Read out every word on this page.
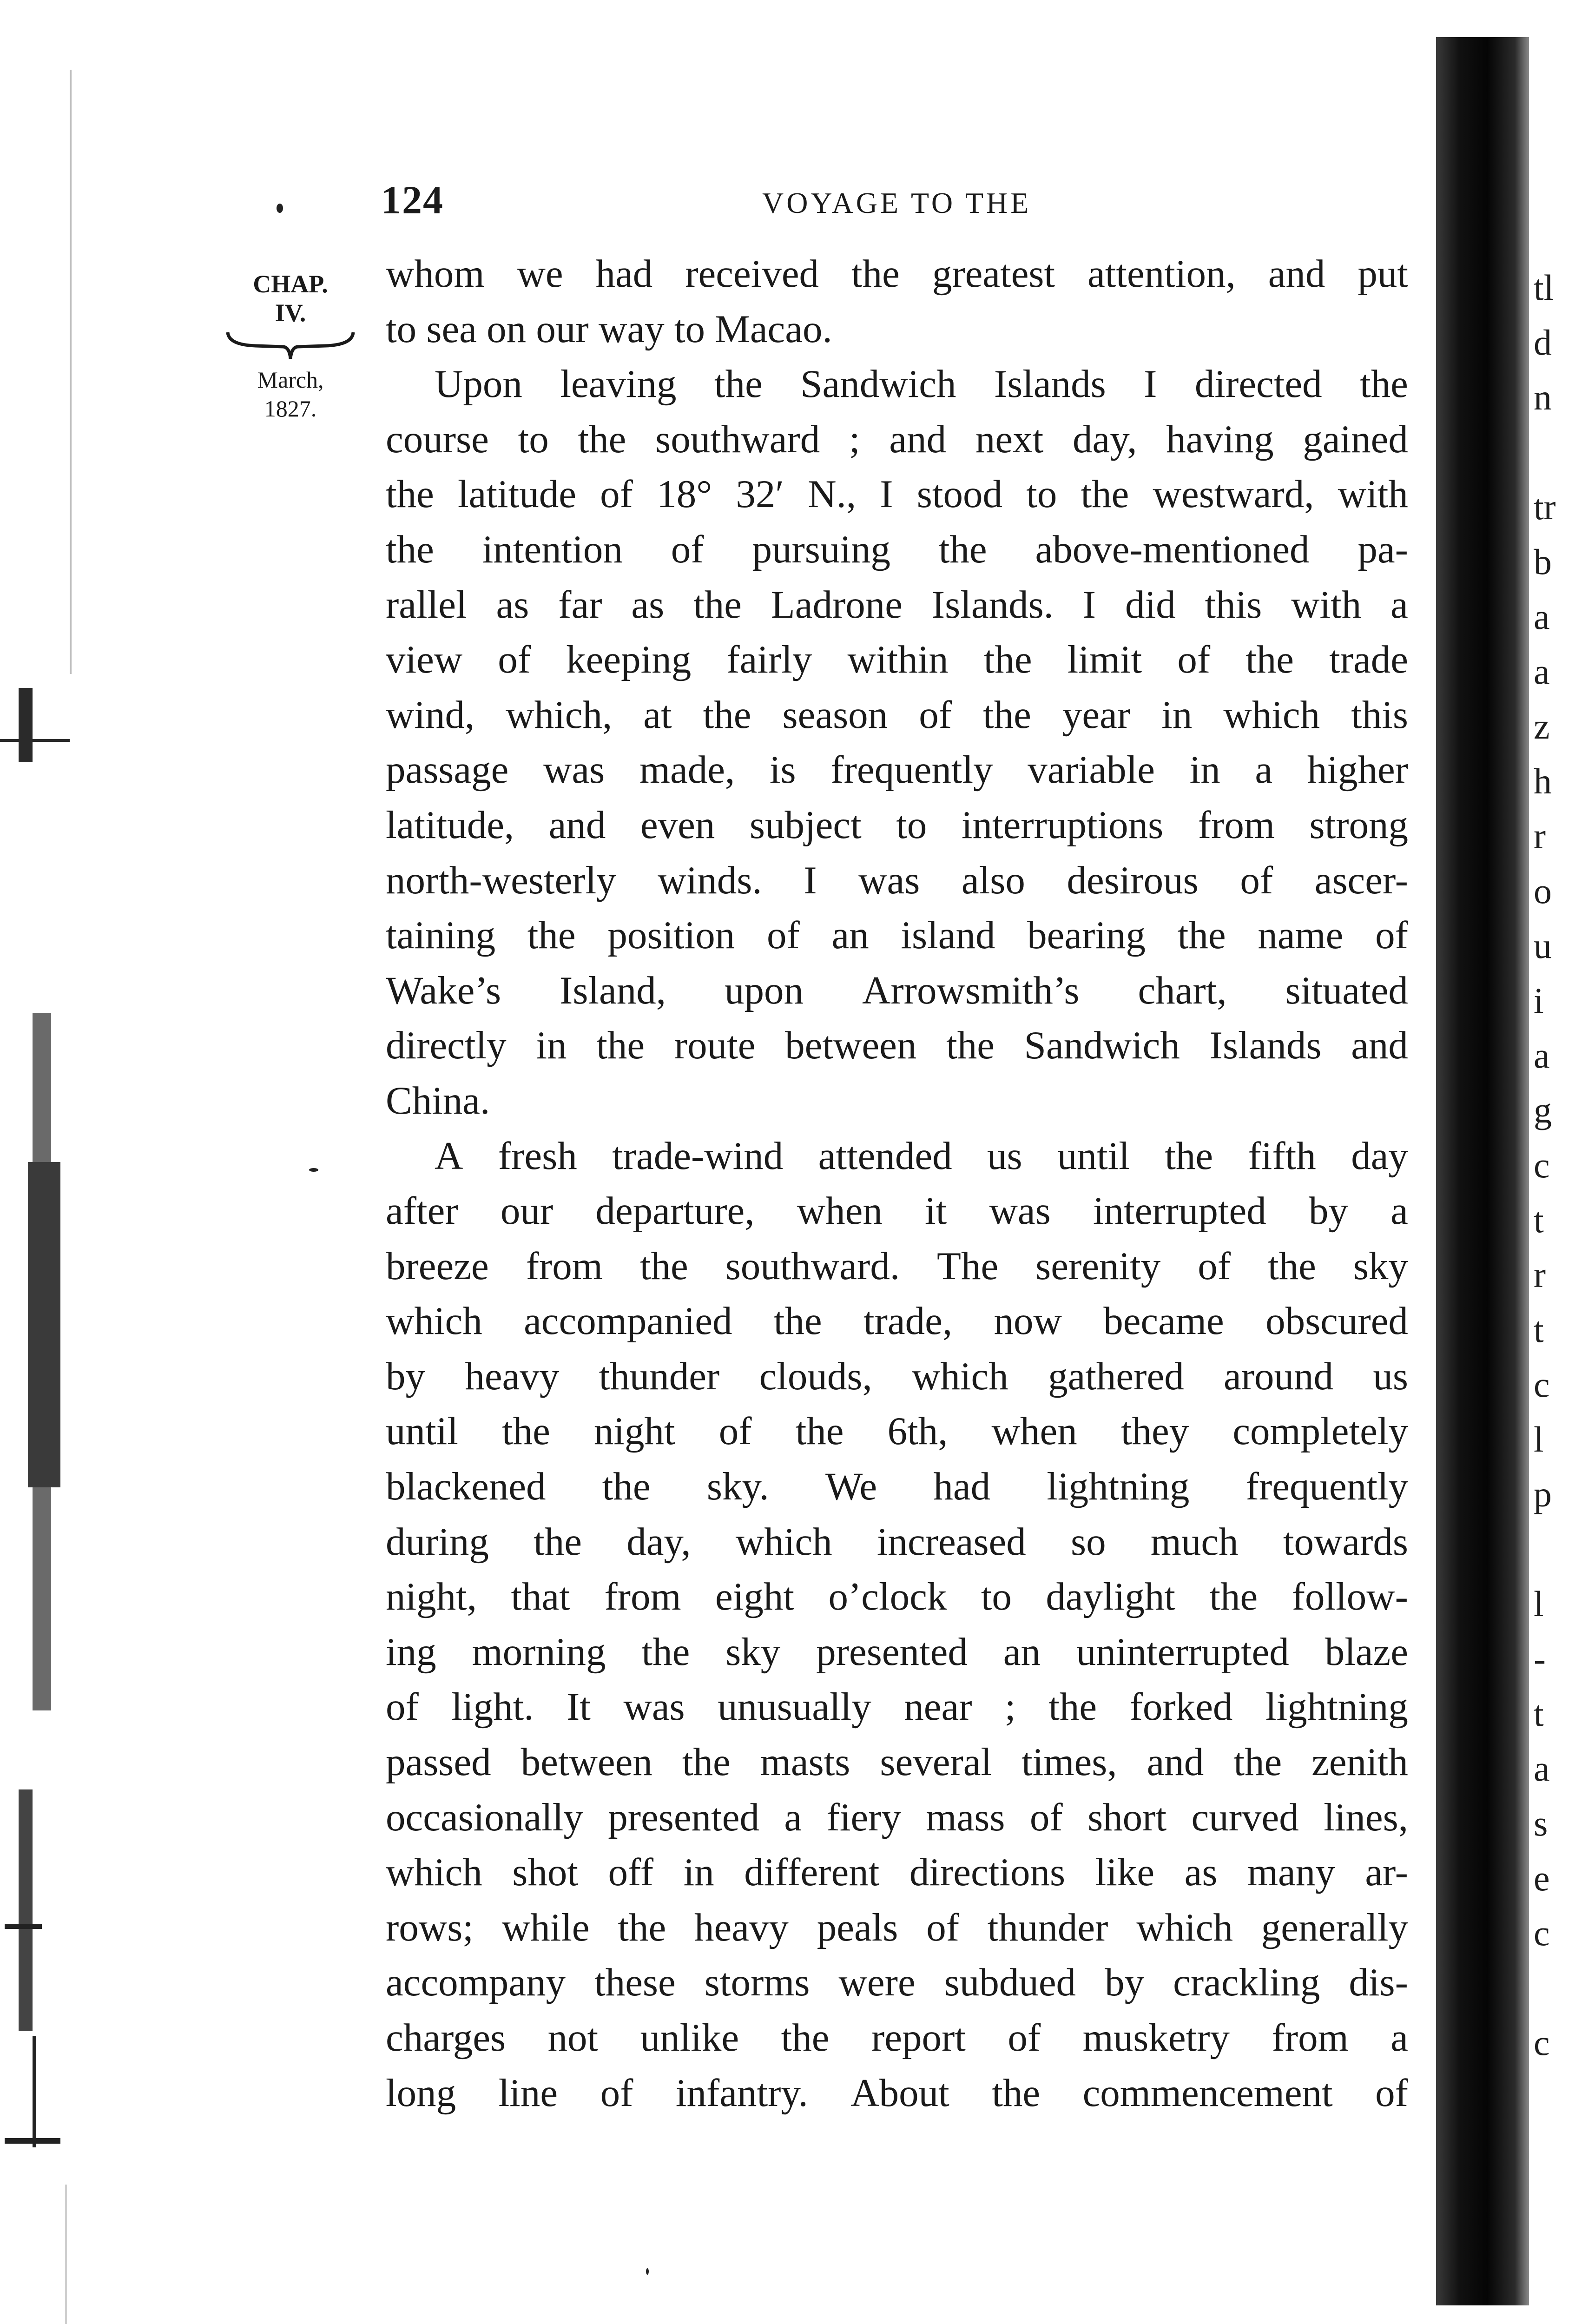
tl
d
n
tr
b
a
a
z
h
r
o
u
i
a
g
c
t
r
t
c
l
p
l
-
t
a
s
e
c
c
124	VOYAGE TO THE
CHAP.
IV.
March,
1827.
whom we had received the greatest attention, and put
to sea on our way to Macao.
Upon leaving the Sandwich Islands I directed the
course to the southward ; and next day, having gained
the latitude of 18° 32′ N., I stood to the westward, with
the intention of pursuing the above-mentioned pa-
rallel as far as the Ladrone Islands. I did this with a
view of keeping fairly within the limit of the trade
wind, which, at the season of the year in which this
passage was made, is frequently variable in a higher
latitude, and even subject to interruptions from strong
north-westerly winds. I was also desirous of ascer-
taining the position of an island bearing the name of
Wake’s Island, upon Arrowsmith’s chart, situated
directly in the route between the Sandwich Islands and
China.
A fresh trade-wind attended us until the fifth day
after our departure, when it was interrupted by a
breeze from the southward. The serenity of the sky
which accompanied the trade, now became obscured
by heavy thunder clouds, which gathered around us
until the night of the 6th, when they completely
blackened the sky. We had lightning frequently
during the day, which increased so much towards
night, that from eight o’clock to daylight the follow-
ing morning the sky presented an uninterrupted blaze
of light. It was unusually near ; the forked lightning
passed between the masts several times, and the zenith
occasionally presented a fiery mass of short curved lines,
which shot off in different directions like as many ar-
rows; while the heavy peals of thunder which generally
accompany these storms were subdued by crackling dis-
charges not unlike the report of musketry from a
long line of infantry. About the commencement of
